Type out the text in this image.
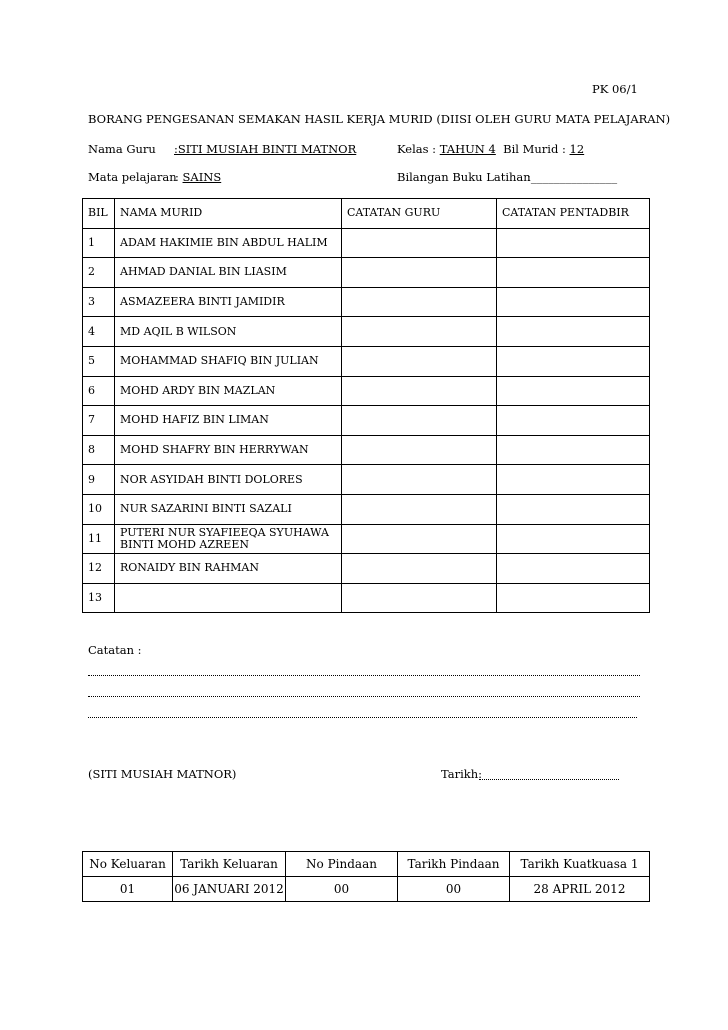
PK 06/1
BORANG PENGESANAN SEMAKAN HASIL KERJA MURID (DIISI OLEH GURU MATA PELAJARAN)
Nama Guru :SITI MUSIAH BINTI MATNOR	Kelas : TAHUN 4 Bil Murid : 12
Mata pelajaran
: SAINS	Bilangan Buku Latihan
:_______________
BIL	NAMA MURID	CATATAN GURU	CATATAN PENTADBIR
1	ADAM HAKIMIE BIN ABDUL HALIM		
2	AHMAD DANIAL BIN LIASIM		
3	ASMAZEERA BINTI JAMIDIR		
4	MD AQIL B WILSON		
5	MOHAMMAD SHAFIQ BIN JULIAN		
6	MOHD ARDY BIN MAZLAN		
7	MOHD HAFIZ BIN LIMAN		
8	MOHD SHAFRY BIN HERRYWAN		
9	NOR ASYIDAH BINTI DOLORES		
10	NUR SAZARINI BINTI SAZALI		
11	PUTERI NUR SYAFIEEQA SYUHAWA
BINTI MOHD AZREEN		

12	RONAIDY BIN RAHMAN		
13			
Catatan :
(SITI MUSIAH MATNOR)	Tarikh:
No Keluaran	Tarikh Keluaran	No Pindaan	Tarikh Pindaan	Tarikh Kuatkuasa 1
01	06 JANUARI 2012	00	00	28 APRIL 2012
